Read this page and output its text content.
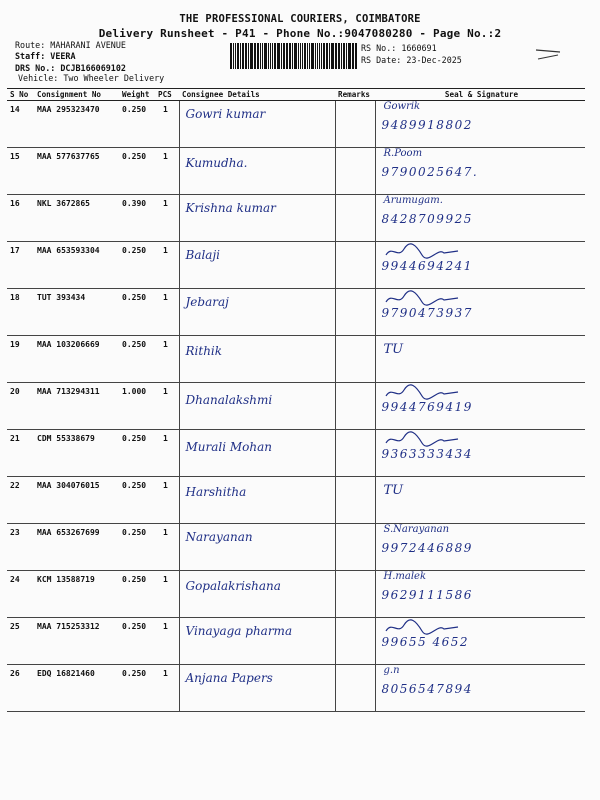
THE PROFESSIONAL COURIERS, COIMBATORE
Delivery Runsheet - P41 - Phone No.:9047080280 - Page No.:2
Route: MAHARANI AVENUE
Staff: VEERA
DRS No.: DCJB166069102
Vehicle: Two Wheeler Delivery
RS No.: 1660691
RS Date: 23-Dec-2025
S No	Consignment No	Weight	PCS	Consignee Details	Remarks	Seal & Signature
14	MAA 295323470	0.250	1	Gowri kumar		Gowrik
9489918802

15	MAA 577637765	0.250	1	Kumudha.		R.Poom
9790025647.

16	NKL 3672865	0.390	1	Krishna kumar		Arumugam.
8428709925

17	MAA 653593304	0.250	1	Balaji		9944694241

18	TUT 393434	0.250	1	Jebaraj		9790473937

19	MAA 103206669	0.250	1	Rithik		TU

20	MAA 713294311	1.000	1	Dhanalakshmi		9944769419

21	CDM 55338679	0.250	1	Murali Mohan		9363333434

22	MAA 304076015	0.250	1	Harshitha		TU

23	MAA 653267699	0.250	1	Narayanan		S.Narayanan
9972446889

24	KCM 13588719	0.250	1	Gopalakrishana		H.malek
9629111586

25	MAA 715253312	0.250	1	Vinayaga pharma		99655 4652

26	EDQ 16821460	0.250	1	Anjana Papers		g.n
8056547894
